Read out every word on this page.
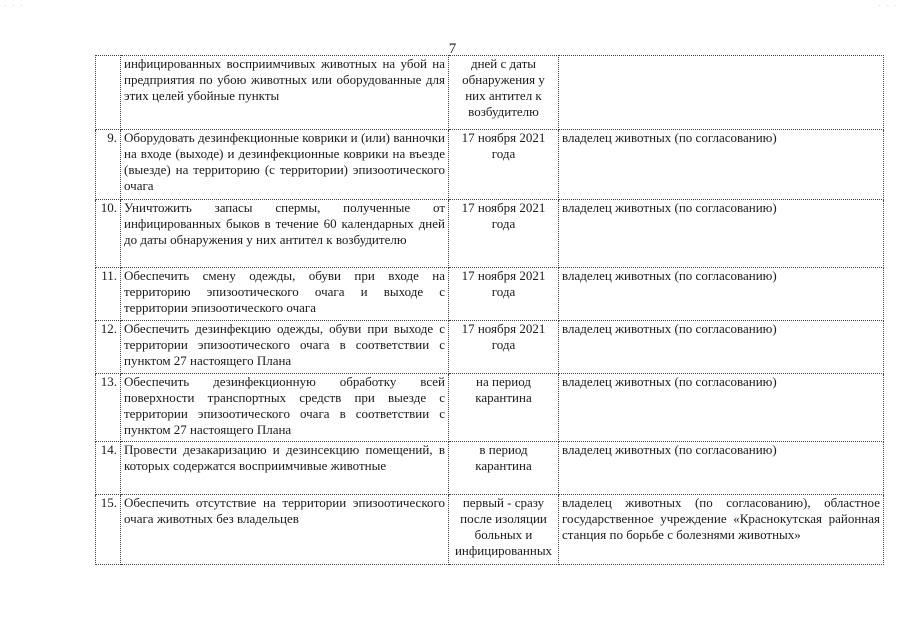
· · ·	· · ·
7
	инфицированных восприимчивых животных на убой на предприятия по убою животных или оборудованные для этих целей убойные пункты	дней с даты обнаружения у них антител к возбудителю	
9.	Оборудовать дезинфекционные коврики и (или) ванночки на входе (выходе) и дезинфекционные коврики на въезде (выезде) на территорию (с территории) эпизоотического очага	17 ноября 2021 года	владелец животных (по согласованию)
10.	Уничтожить запасы спермы, полученные от инфицированных быков в течение 60 календарных дней до даты обнаружения у них антител к возбудителю	17 ноября 2021 года	владелец животных (по согласованию)
11.	Обеспечить смену одежды, обуви при входе на территорию эпизоотического очага и выходе с территории эпизоотического очага	17 ноября 2021 года	владелец животных (по согласованию)
12.	Обеспечить дезинфекцию одежды, обуви при выходе с территории эпизоотического очага в соответствии с пунктом 27 настоящего Плана	17 ноября 2021 года	владелец животных (по согласованию)
13.	Обеспечить дезинфекционную обработку всей поверхности транспортных средств при выезде с территории эпизоотического очага в соответствии с пунктом 27 настоящего Плана	на период карантина	владелец животных (по согласованию)
14.	Провести дезакаризацию и дезинсекцию помещений, в которых содержатся восприимчивые животные	в период карантина	владелец животных (по согласованию)
15.	Обеспечить отсутствие на территории эпизоотического очага животных без владельцев	первый - сразу после изоляции больных и инфицированных	владелец животных (по согласованию), областное государственное учреждение «Краснокутская районная станция по борьбе с болезнями животных»
